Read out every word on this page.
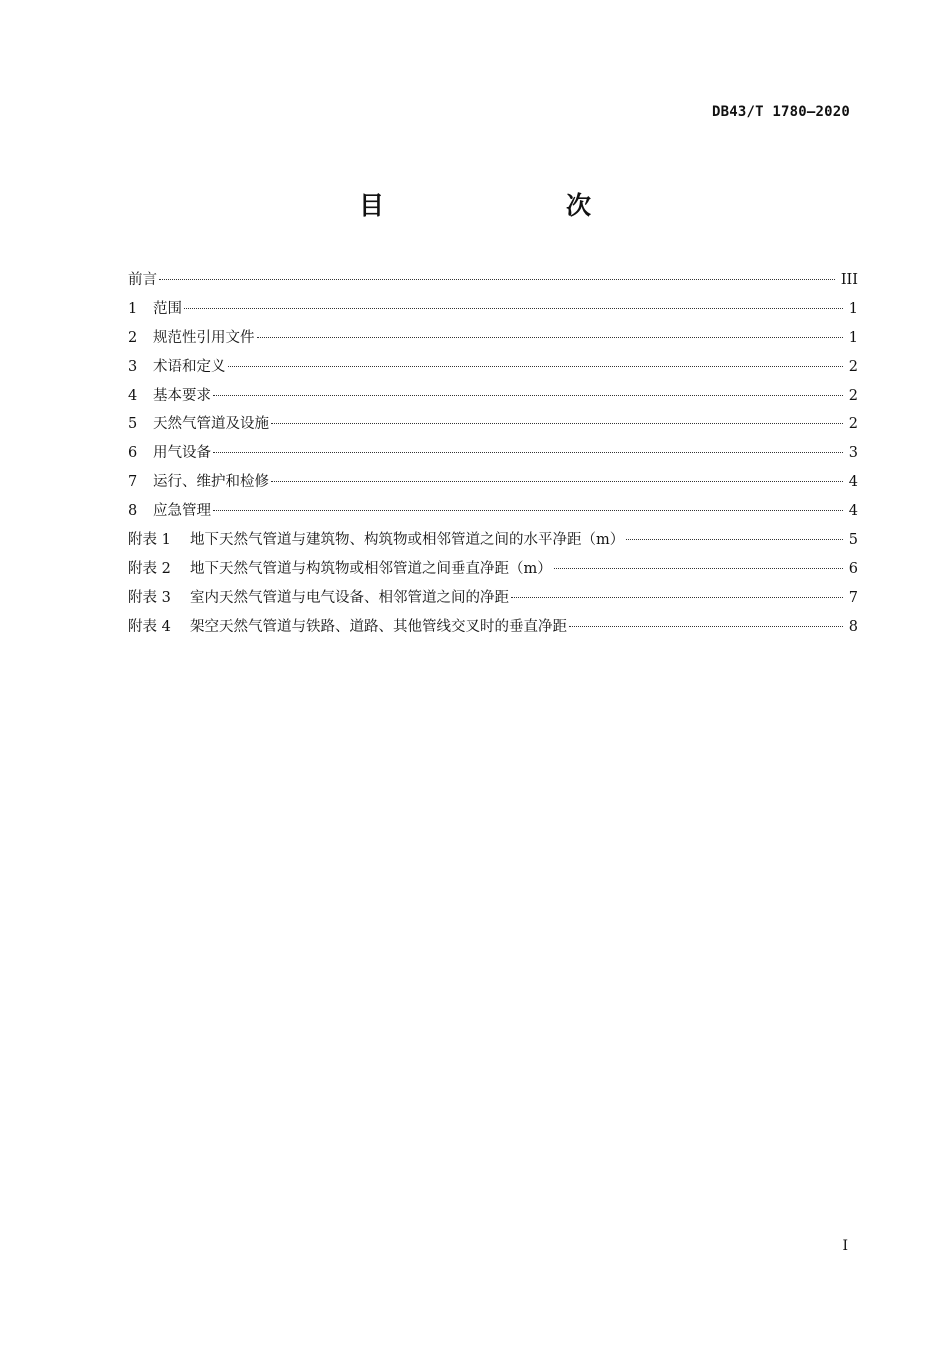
DB43/T 1780—2020
目　　次
前言	III
1	范围	1
2	规范性引用文件	1
3	术语和定义	2
4	基本要求	2
5	天然气管道及设施	2
6	用气设备	3
7	运行、维护和检修	4
8	应急管理	4
附表 1	地下天然气管道与建筑物、构筑物或相邻管道之间的水平净距（m）	5
附表 2	地下天然气管道与构筑物或相邻管道之间垂直净距（m）	6
附表 3	室内天然气管道与电气设备、相邻管道之间的净距	7
附表 4	架空天然气管道与铁路、道路、其他管线交叉时的垂直净距	8
I
